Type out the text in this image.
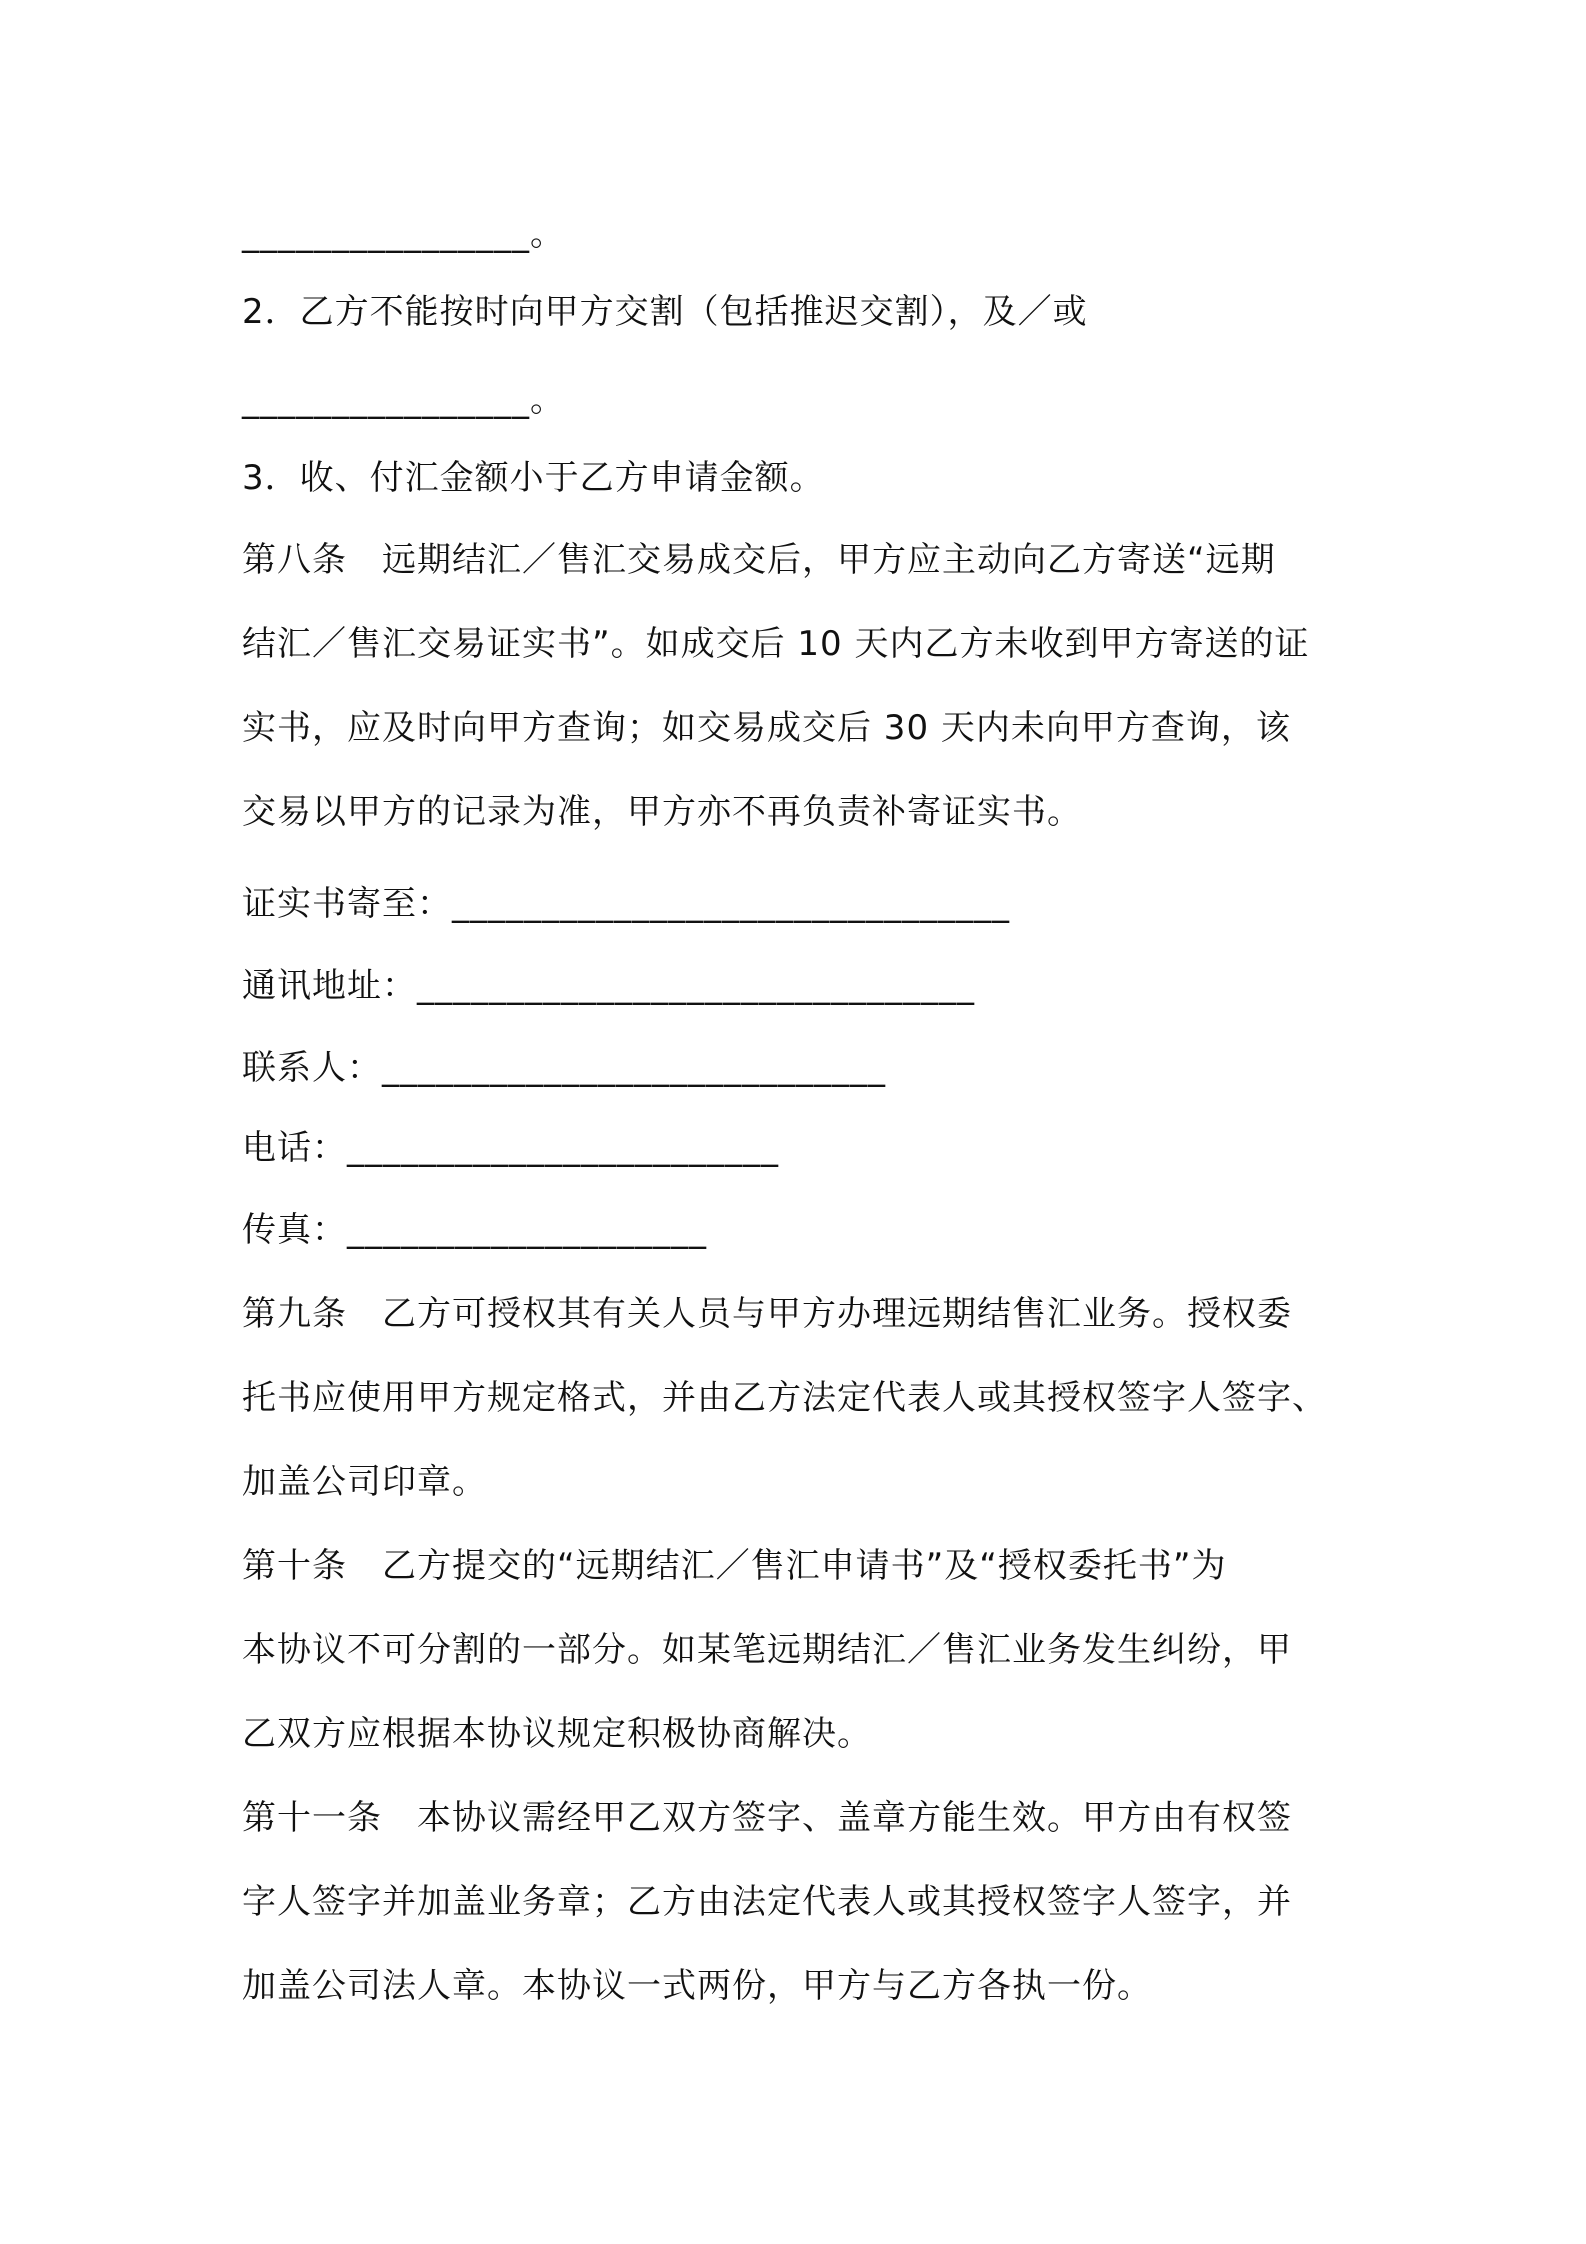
________________。

2．乙方不能按时向甲方交割（包括推迟交割），及／或

________________。

3．收、付汇金额小于乙方申请金额。

第八条　远期结汇／售汇交易成交后，甲方应主动向乙方寄送“远期

结汇／售汇交易证实书”。如成交后 10 天内乙方未收到甲方寄送的证

实书，应及时向甲方查询；如交易成交后 30 天内未向甲方查询，该

交易以甲方的记录为准，甲方亦不再负责补寄证实书。

证实书寄至：_______________________________

通讯地址：_______________________________

联系人：____________________________

电话：________________________

传真：____________________

第九条　乙方可授权其有关人员与甲方办理远期结售汇业务。授权委

托书应使用甲方规定格式，并由乙方法定代表人或其授权签字人签字、

加盖公司印章。

第十条　乙方提交的“远期结汇／售汇申请书”及“授权委托书”为

本协议不可分割的一部分。如某笔远期结汇／售汇业务发生纠纷，甲

乙双方应根据本协议规定积极协商解决。

第十一条　本协议需经甲乙双方签字、盖章方能生效。甲方由有权签

字人签字并加盖业务章；乙方由法定代表人或其授权签字人签字，并

加盖公司法人章。本协议一式两份，甲方与乙方各执一份。
